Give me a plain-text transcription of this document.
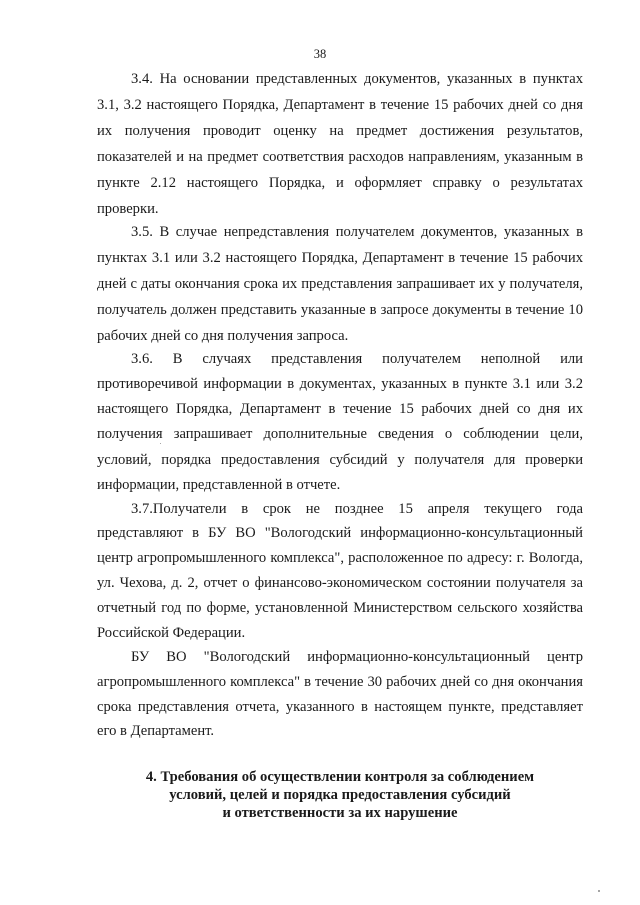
38
3.4. На основании представленных документов, указанных в пунктах
3.1, 3.2 настоящего Порядка, Департамент в течение 15 рабочих дней со дня
их получения проводит оценку на предмет достижения результатов,
показателей и на предмет соответствия расходов направлениям, указанным в
пункте 2.12 настоящего Порядка, и оформляет справку о результатах
проверки.
3.5. В случае непредставления получателем документов, указанных в
пунктах 3.1 или 3.2 настоящего Порядка, Департамент в течение 15 рабочих
дней с даты окончания срока их представления запрашивает их у получателя,
получатель должен представить указанные в запросе документы в течение 10
рабочих дней со дня получения запроса.
3.6. В случаях представления получателем неполной или
противоречивой информации в документах, указанных в пункте 3.1 или 3.2
настоящего Порядка, Департамент в течение 15 рабочих дней со дня их
получения запрашивает дополнительные сведения о соблюдении цели,
условий, порядка предоставления субсидий у получателя для проверки
информации, представленной в отчете.
3.7.Получатели в срок не позднее 15 апреля текущего года
представляют в БУ ВО "Вологодский информационно-консультационный
центр агропромышленного комплекса", расположенное по адресу: г. Вологда,
ул. Чехова, д. 2, отчет о финансово-экономическом состоянии получателя за
отчетный год по форме, установленной Министерством сельского хозяйства
Российской Федерации.
БУ ВО "Вологодский информационно-консультационный центр
агропромышленного комплекса" в течение 30 рабочих дней со дня окончания
срока представления отчета, указанного в настоящем пункте, представляет
его в Департамент.
4. Требования об осуществлении контроля за соблюдением
условий, целей и порядка предоставления субсидий
и ответственности за их нарушение
